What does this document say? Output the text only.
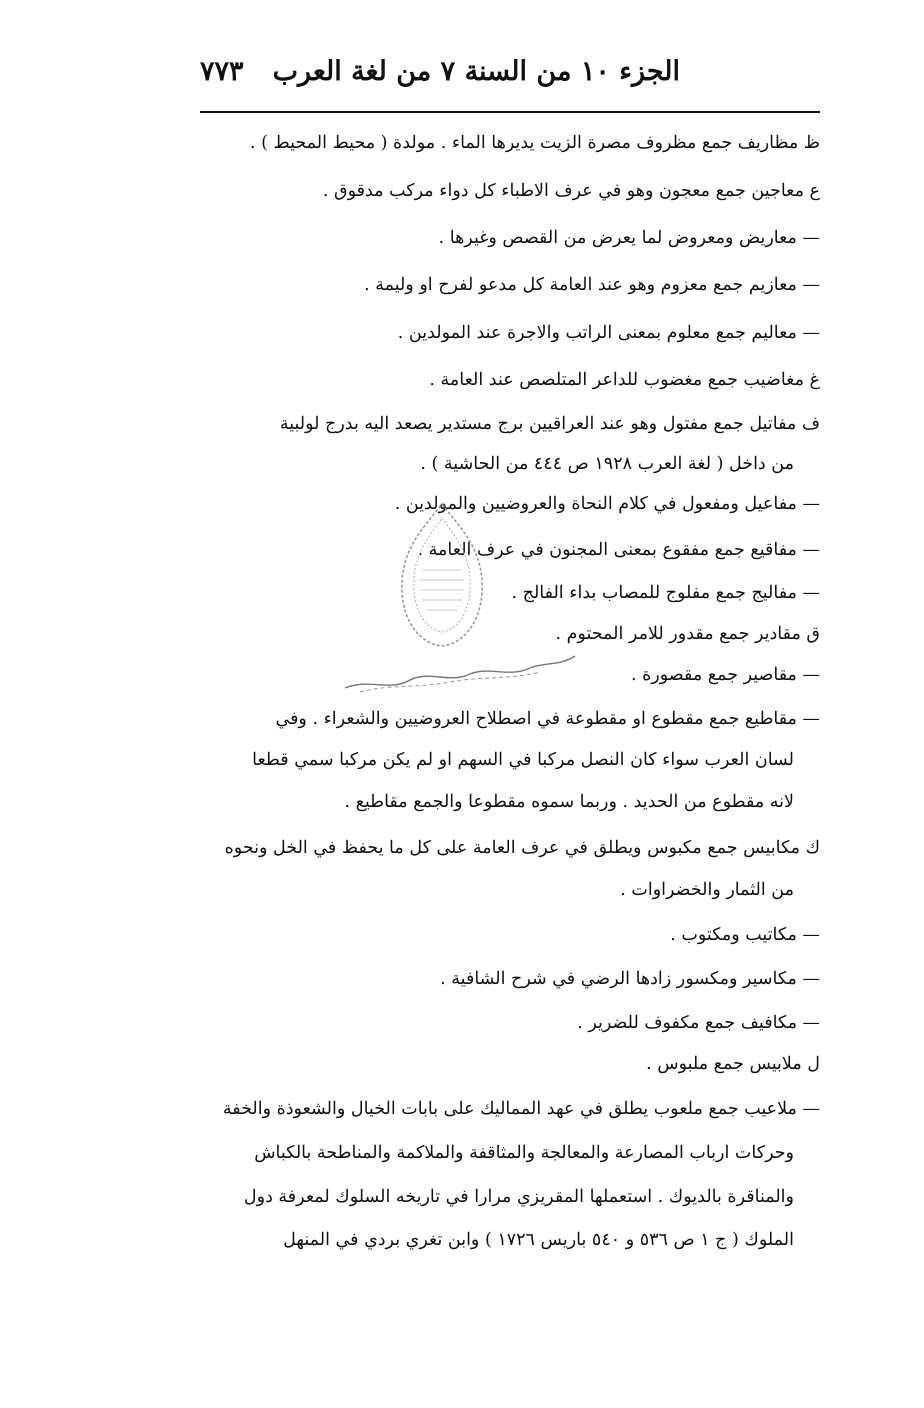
الجزء ١٠ من السنة ٧ من لغة العرب
٧٧٣
ظ مظاريف جمع مظروف مصرة الزيت يديرها الماء . مولدة ( محيط المحيط ) .
ع معاجين جمع معجون وهو في عرف الاطباء كل دواء مركب مدقوق .
— معاريض ومعروض لما يعرض من القصص وغيرها .
— معازيم جمع معزوم وهو عند العامة كل مدعو لفرح او وليمة .
— معاليم جمع معلوم بمعنى الراتب والاجرة عند المولدين .
غ مغاضيب جمع مغضوب للداعر المتلصص عند العامة .
ف مفاتيل جمع مفتول وهو عند العراقيين برج مستدير يصعد اليه بدرج لولبية
من داخل ( لغة العرب ١٩٢٨ ص ٤٤٤ من الحاشية ) .
— مفاعيل ومفعول في كلام النحاة والعروضيين والمولدين .
— مفاقيع جمع مفقوع بمعنى المجنون في عرف العامة .
— مفاليج جمع مفلوج للمصاب بداء الفالج .
ق مقادير جمع مقدور للامر المحتوم .
— مقاصير جمع مقصورة .
— مقاطيع جمع مقطوع او مقطوعة في اصطلاح العروضيين والشعراء . وفي
لسان العرب سواء كان النصل مركبا في السهم او لم يكن مركبا سمي قطعا
لانه مقطوع من الحديد . وربما سموه مقطوعا والجمع مقاطيع .
ك مكابيس جمع مكبوس ويطلق في عرف العامة على كل ما يحفظ في الخل ونحوه
من الثمار والخضراوات .
— مكاتيب ومكتوب .
— مكاسير ومكسور زادها الرضي في شرح الشافية .
— مكافيف جمع مكفوف للضرير .
ل ملابيس جمع ملبوس .
— ملاعيب جمع ملعوب يطلق في عهد المماليك على بابات الخيال والشعوذة والخفة
وحركات ارباب المصارعة والمعالجة والمثاقفة والملاكمة والمناطحة بالكباش
والمناقرة بالديوك . استعملها المقريزي مرارا في تاريخه السلوك لمعرفة دول
الملوك ( ج ١ ص ٥٣٦ و ٥٤٠ باريس ١٧٢٦ ) وابن تغري بردي في المنهل
